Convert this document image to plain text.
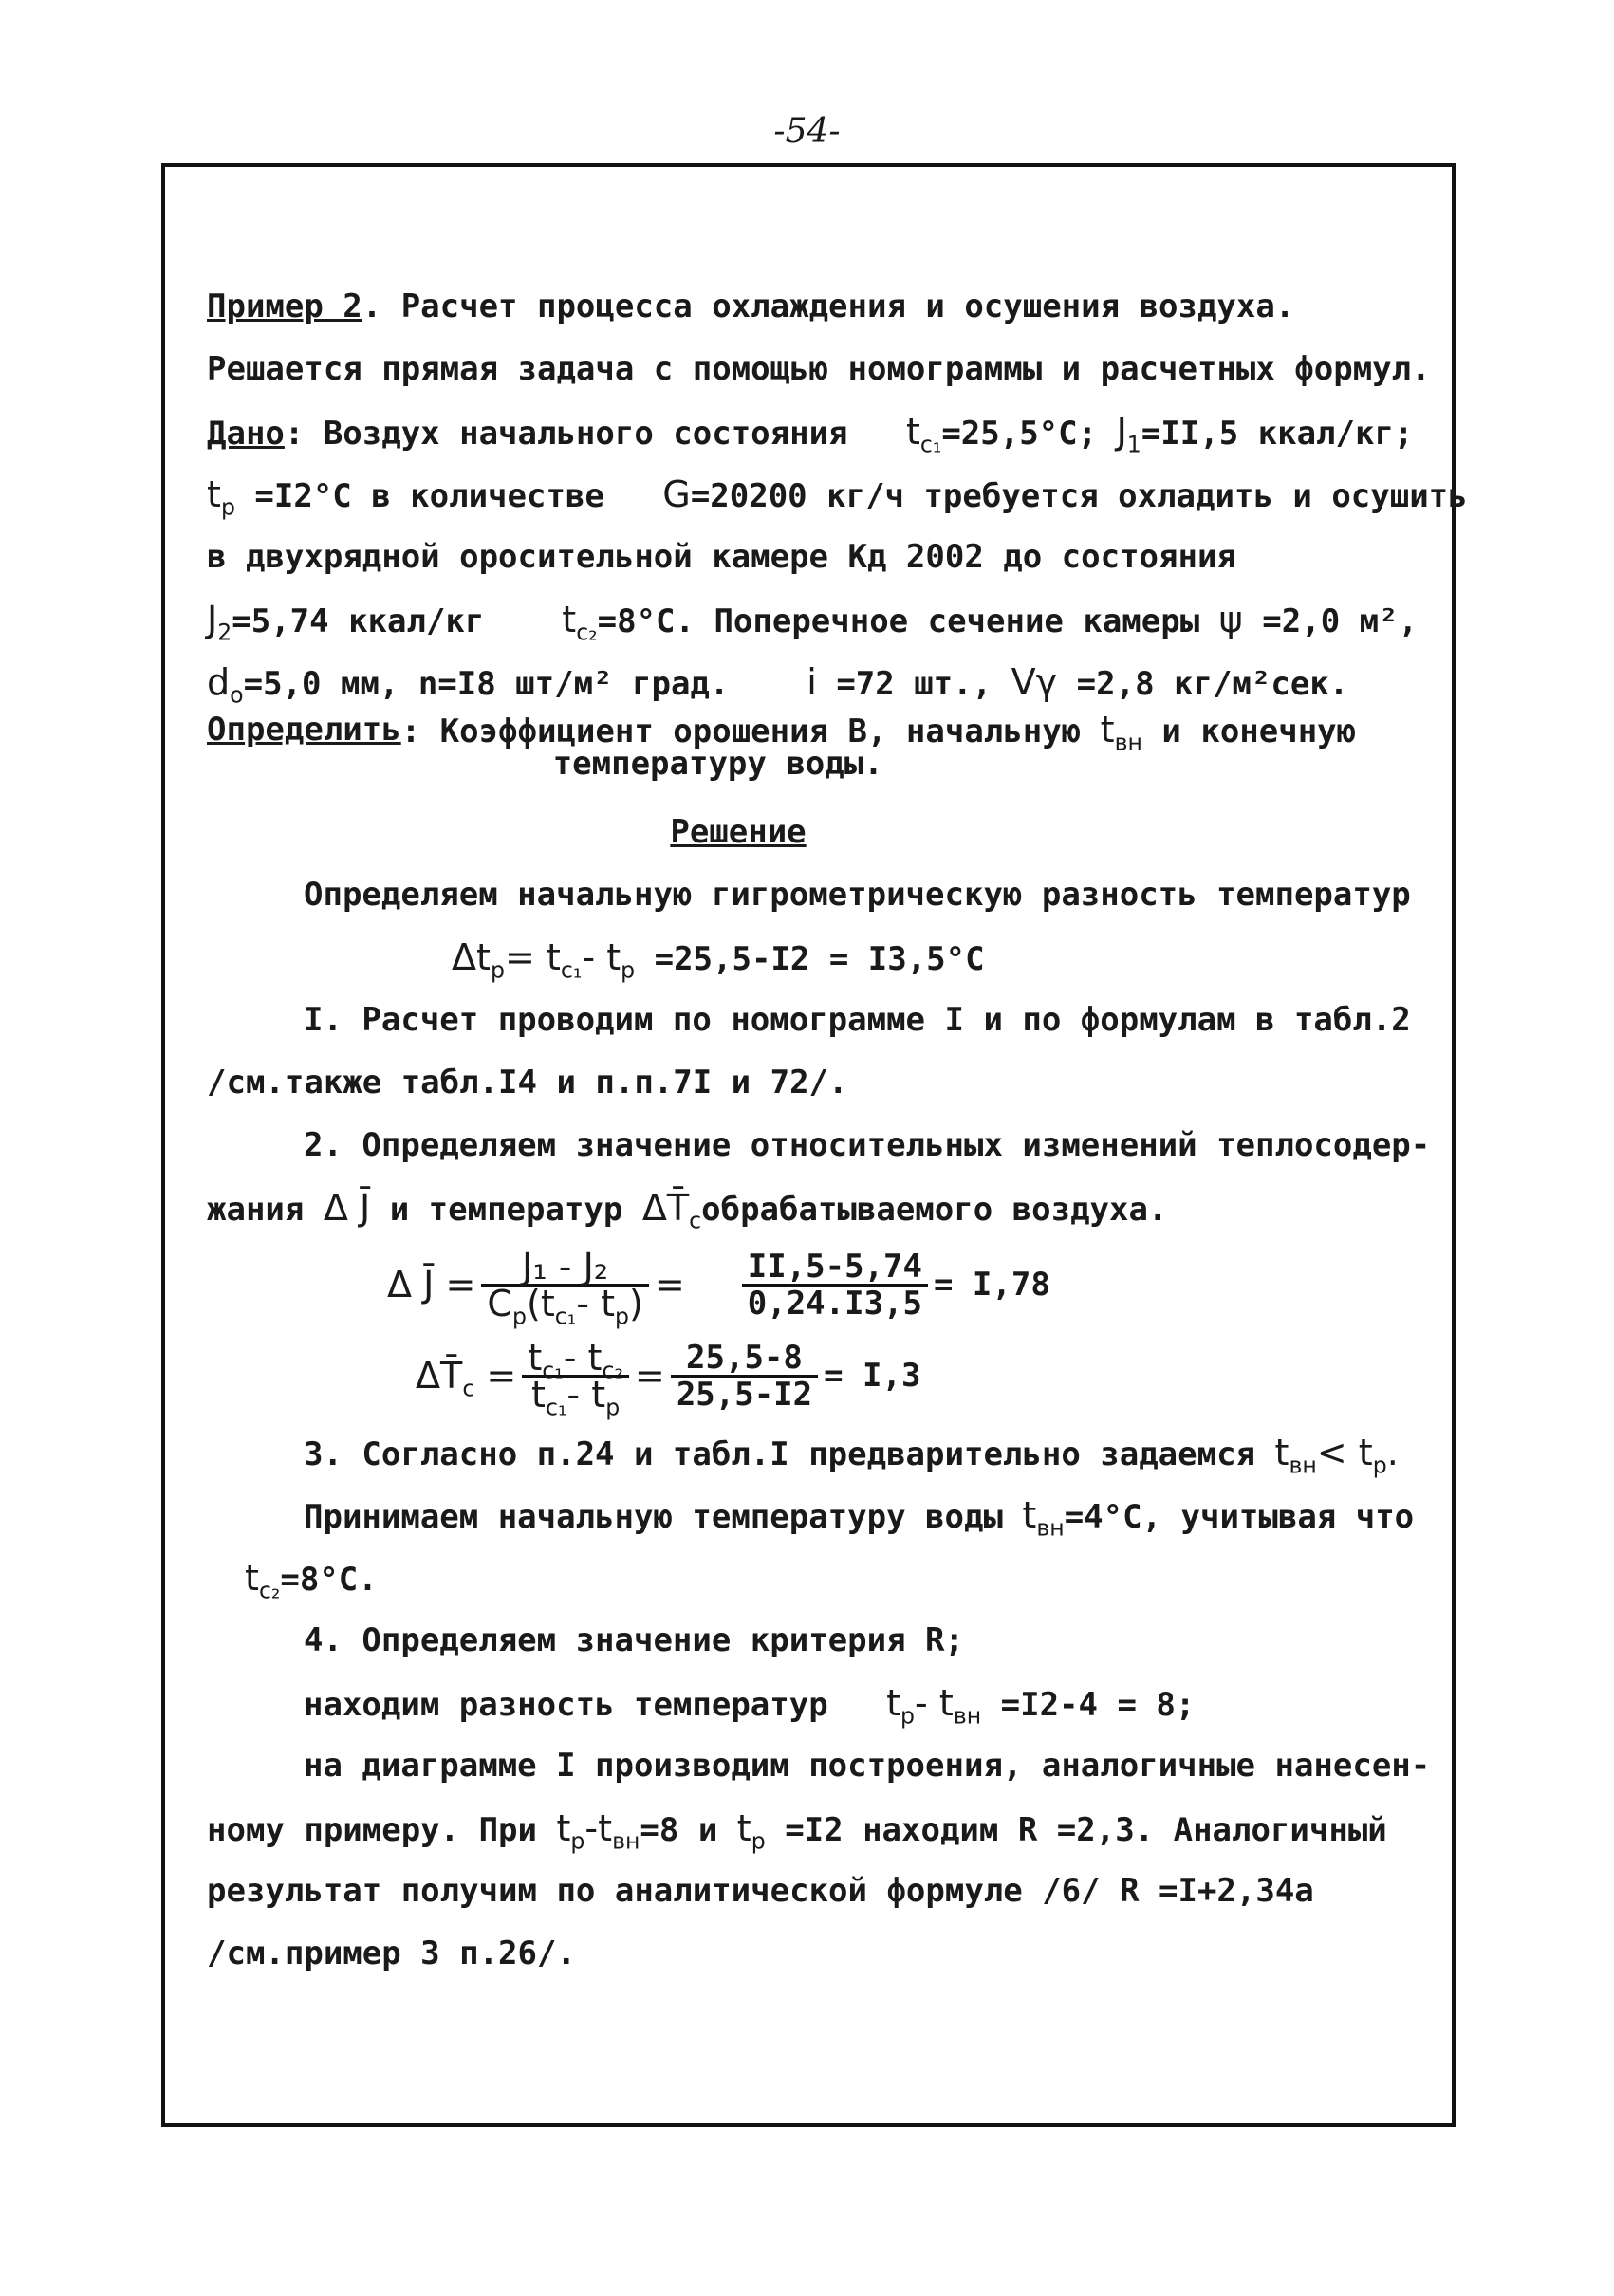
-54-
Пример 2. Расчет процесса охлаждения и осушения воздуха.
Решается прямая задача с помощью номограммы и расчетных формул.
Дано: Воздух начального состояния $t_{c_1}=25,5^\circ C$; $J_1=II,5$ ккал/кг;
$t_p =I2^\circ C$ в количестве G=20200 кг/ч требуется охладить и осушить
в двухрядной оросительной камере Кд 2002 до состояния
$J_2=5,74$ ккал/кг $t_{c_2}=8^\circ C$. Поперечное сечение камеры ψ =2,0 м²,
$d_o=5,0$ мм, n=I8 шт/м² град. i =72 шт., Vγ =2,8 кг/м²сек.
Определить: Коэффициент орошения В, начальную $t_{вн}$ и конечную
температуру воды.
Решение
Определяем начальную гигрометрическую разность температур
$\Delta t_p= t_{c_1}-$ $t_p =25,5-I2 = I3,5^\circ C$
I. Расчет проводим по номограмме I и по формулам в табл.2
/см.также табл.I4 и п.п.7I и 72/.
2. Определяем значение относительных изменений теплосодер-
жания Δ J̄ и температур $\Delta T̄_cобрабатываемого$ воздуха.
Δ J̄ = $\frac{\text{J₁ - J₂}}{C_p(t_{c_1}- t_p)} = \frac{II,5-5,74}{0,24.I3,5} = I,78$
$\Delta T̄_c = \frac{t_{c_1}- t_{c_2}}{t_{c_1}- t_p} = \frac{25,5-8}{25,5-I2} = I,3$
3. Согласно п.24 и табл.I предварительно задаемся $t_{вн}< t_p$.
Принимаем начальную температуру воды $t_{вн}=4^\circ C$, учитывая что
$t_{c_2}=8^\circ C$.
4. Определяем значение критерия R;
находим разность температур $t_p-$ $t_{вн} =I2-4 = 8$;
на диаграмме I производим построения, аналогичные нанесен-
ному примеру. При $t_p-t_{вн}=8$ и $t_p =I2$ находим R =2,3. Аналогичный
результат получим по аналитической формуле /6/ R =I+2,34a
/см.пример 3 п.26/.
